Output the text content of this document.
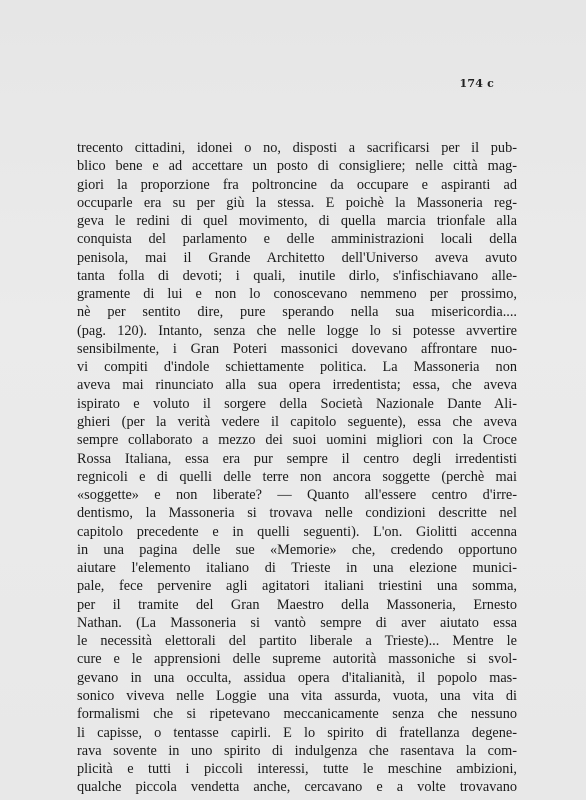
174 c
trecento cittadini, idonei o no, disposti a sacrificarsi per il pub-
blico bene e ad accettare un posto di consigliere; nelle città mag-
giori la proporzione fra poltroncine da occupare e aspiranti ad
occuparle era su per giù la stessa. E poichè la Massoneria reg-
geva le redini di quel movimento, di quella marcia trionfale alla
conquista del parlamento e delle amministrazioni locali della
penisola, mai il Grande Architetto dell'Universo aveva avuto
tanta folla di devoti; i quali, inutile dirlo, s'infischiavano alle-
gramente di lui e non lo conoscevano nemmeno per prossimo,
nè per sentito dire, pure sperando nella sua misericordia....
(pag. 120). Intanto, senza che nelle logge lo si potesse avvertire
sensibilmente, i Gran Poteri massonici dovevano affrontare nuo-
vi compiti d'indole schiettamente politica. La Massoneria non
aveva mai rinunciato alla sua opera irredentista; essa, che aveva
ispirato e voluto il sorgere della Società Nazionale Dante Ali-
ghieri (per la verità vedere il capitolo seguente), essa che aveva
sempre collaborato a mezzo dei suoi uomini migliori con la Croce
Rossa Italiana, essa era pur sempre il centro degli irredentisti
regnicoli e di quelli delle terre non ancora soggette (perchè mai
«soggette» e non liberate? — Quanto all'essere centro d'irre-
dentismo, la Massoneria si trovava nelle condizioni descritte nel
capitolo precedente e in quelli seguenti). L'on. Giolitti accenna
in una pagina delle sue «Memorie» che, credendo opportuno
aiutare l'elemento italiano di Trieste in una elezione munici-
pale, fece pervenire agli agitatori italiani triestini una somma,
per il tramite del Gran Maestro della Massoneria, Ernesto
Nathan. (La Massoneria si vantò sempre di aver aiutato essa
le necessità elettorali del partito liberale a Trieste)... Mentre le
cure e le apprensioni delle supreme autorità massoniche si svol-
gevano in una occulta, assidua opera d'italianità, il popolo mas-
sonico viveva nelle Loggie una vita assurda, vuota, una vita di
formalismi che si ripetevano meccanicamente senza che nessuno
li capisse, o tentasse capirli. E lo spirito di fratellanza degene-
rava sovente in uno spirito di indulgenza che rasentava la com-
plicità e tutti i piccoli interessi, tutte le meschine ambizioni,
qualche piccola vendetta anche, cercavano e a volte trovavano
